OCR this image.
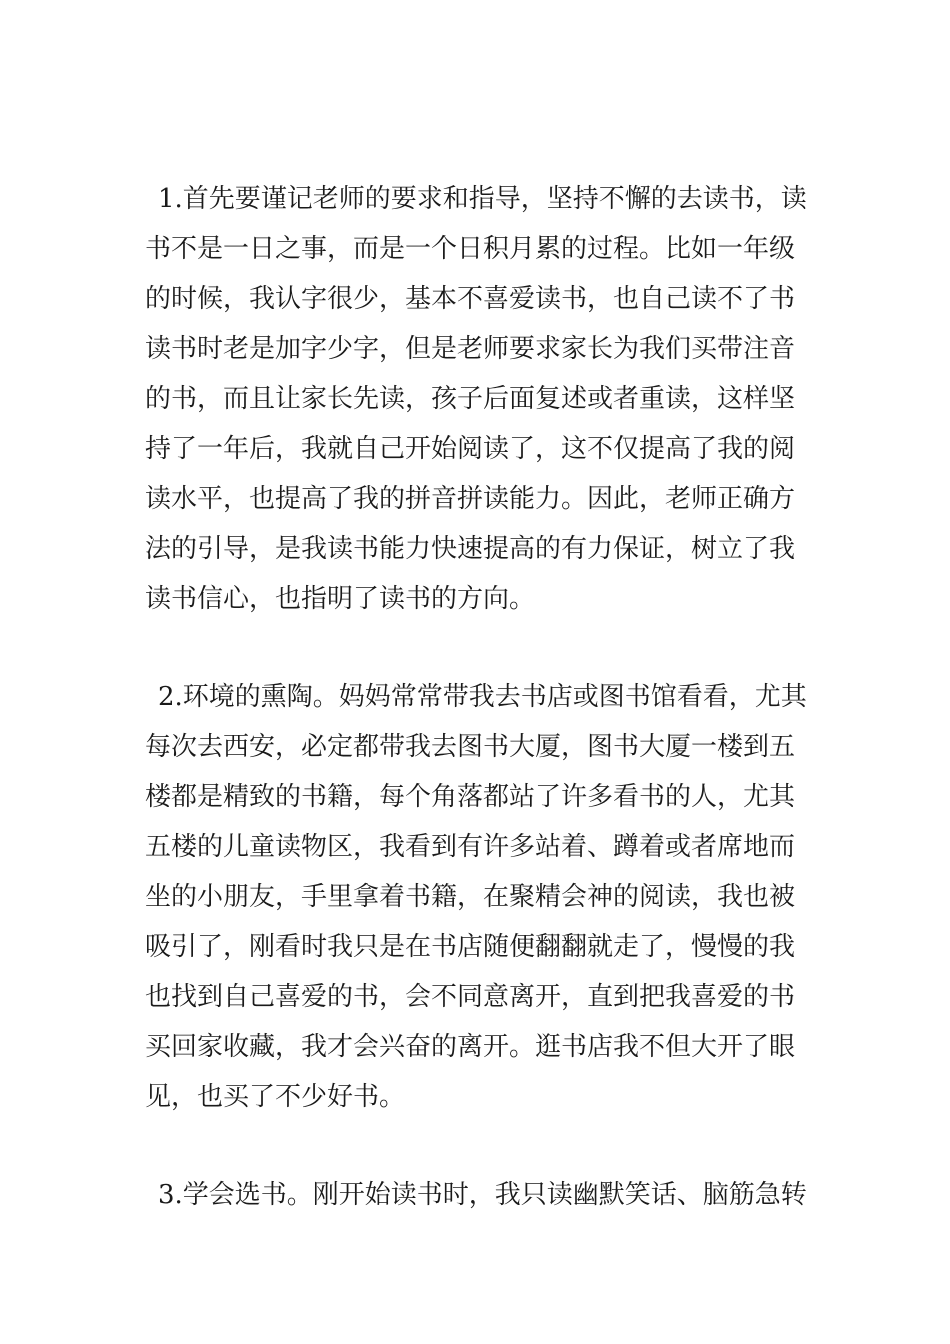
1.首先要谨记老师的要求和指导，坚持不懈的去读书，读
书不是一日之事，而是一个日积月累的过程。比如一年级
的时候，我认字很少，基本不喜爱读书，也自己读不了书
读书时老是加字少字，但是老师要求家长为我们买带注音
的书，而且让家长先读，孩子后面复述或者重读，这样坚
持了一年后，我就自己开始阅读了，这不仅提高了我的阅
读水平，也提高了我的拼音拼读能力。因此，老师正确方
法的引导，是我读书能力快速提高的有力保证，树立了我
读书信心，也指明了读书的方向。
2.环境的熏陶。妈妈常常带我去书店或图书馆看看，尤其
每次去西安，必定都带我去图书大厦，图书大厦一楼到五
楼都是精致的书籍，每个角落都站了许多看书的人，尤其
五楼的儿童读物区，我看到有许多站着、蹲着或者席地而
坐的小朋友，手里拿着书籍，在聚精会神的阅读，我也被
吸引了，刚看时我只是在书店随便翻翻就走了，慢慢的我
也找到自己喜爱的书，会不同意离开，直到把我喜爱的书
买回家收藏，我才会兴奋的离开。逛书店我不但大开了眼
见，也买了不少好书。
3.学会选书。刚开始读书时，我只读幽默笑话、脑筋急转
